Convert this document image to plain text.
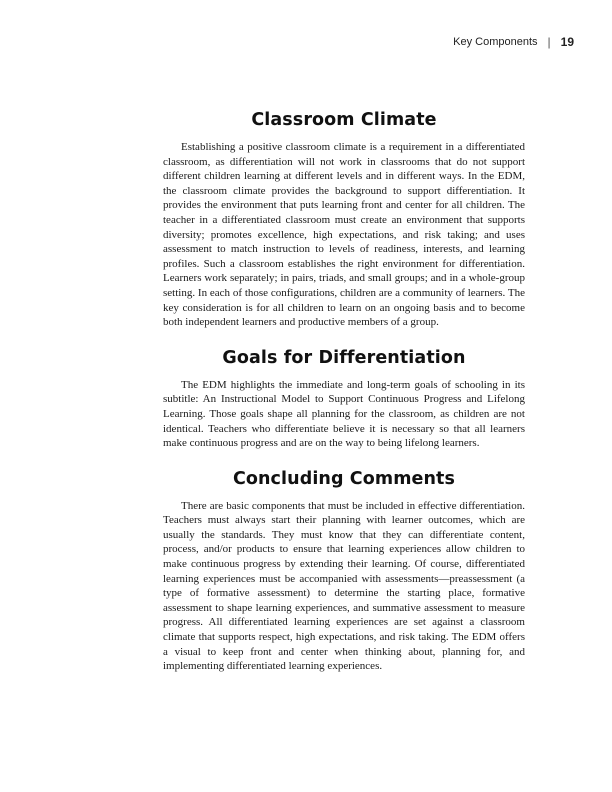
Key Components | 19
Classroom Climate

Establishing a positive classroom climate is a requirement in a differentiated classroom, as differentiation will not work in classrooms that do not support different children learning at different levels and in different ways. In the EDM, the classroom climate provides the background to support differentiation. It provides the environment that puts learning front and center for all children. The teacher in a differentiated classroom must create an environment that supports diversity; promotes excellence, high expectations, and risk taking; and uses assessment to match instruction to levels of readiness, interests, and learning profiles. Such a classroom establishes the right environment for differentiation. Learners work separately; in pairs, triads, and small groups; and in a whole-group setting. In each of those configurations, children are a community of learners. The key consideration is for all children to learn on an ongoing basis and to become both independent learners and productive members of a group.

Goals for Differentiation

The EDM highlights the immediate and long-term goals of schooling in its subtitle: An Instructional Model to Support Continuous Progress and Lifelong Learning. Those goals shape all planning for the classroom, as children are not identical. Teachers who differentiate believe it is necessary so that all learners make continuous progress and are on the way to being lifelong learners.

Concluding Comments

There are basic components that must be included in effective differentiation. Teachers must always start their planning with learner outcomes, which are usually the standards. They must know that they can differentiate content, process, and/or products to ensure that learning experiences allow children to make continuous progress by extending their learning. Of course, differentiated learning experiences must be accompanied with assessments—preassessment (a type of formative assessment) to determine the starting place, formative assessment to shape learning experiences, and summative assessment to measure progress. All differentiated learning experiences are set against a classroom climate that supports respect, high expectations, and risk taking. The EDM offers a visual to keep front and center when thinking about, planning for, and implementing differentiated learning experiences.
